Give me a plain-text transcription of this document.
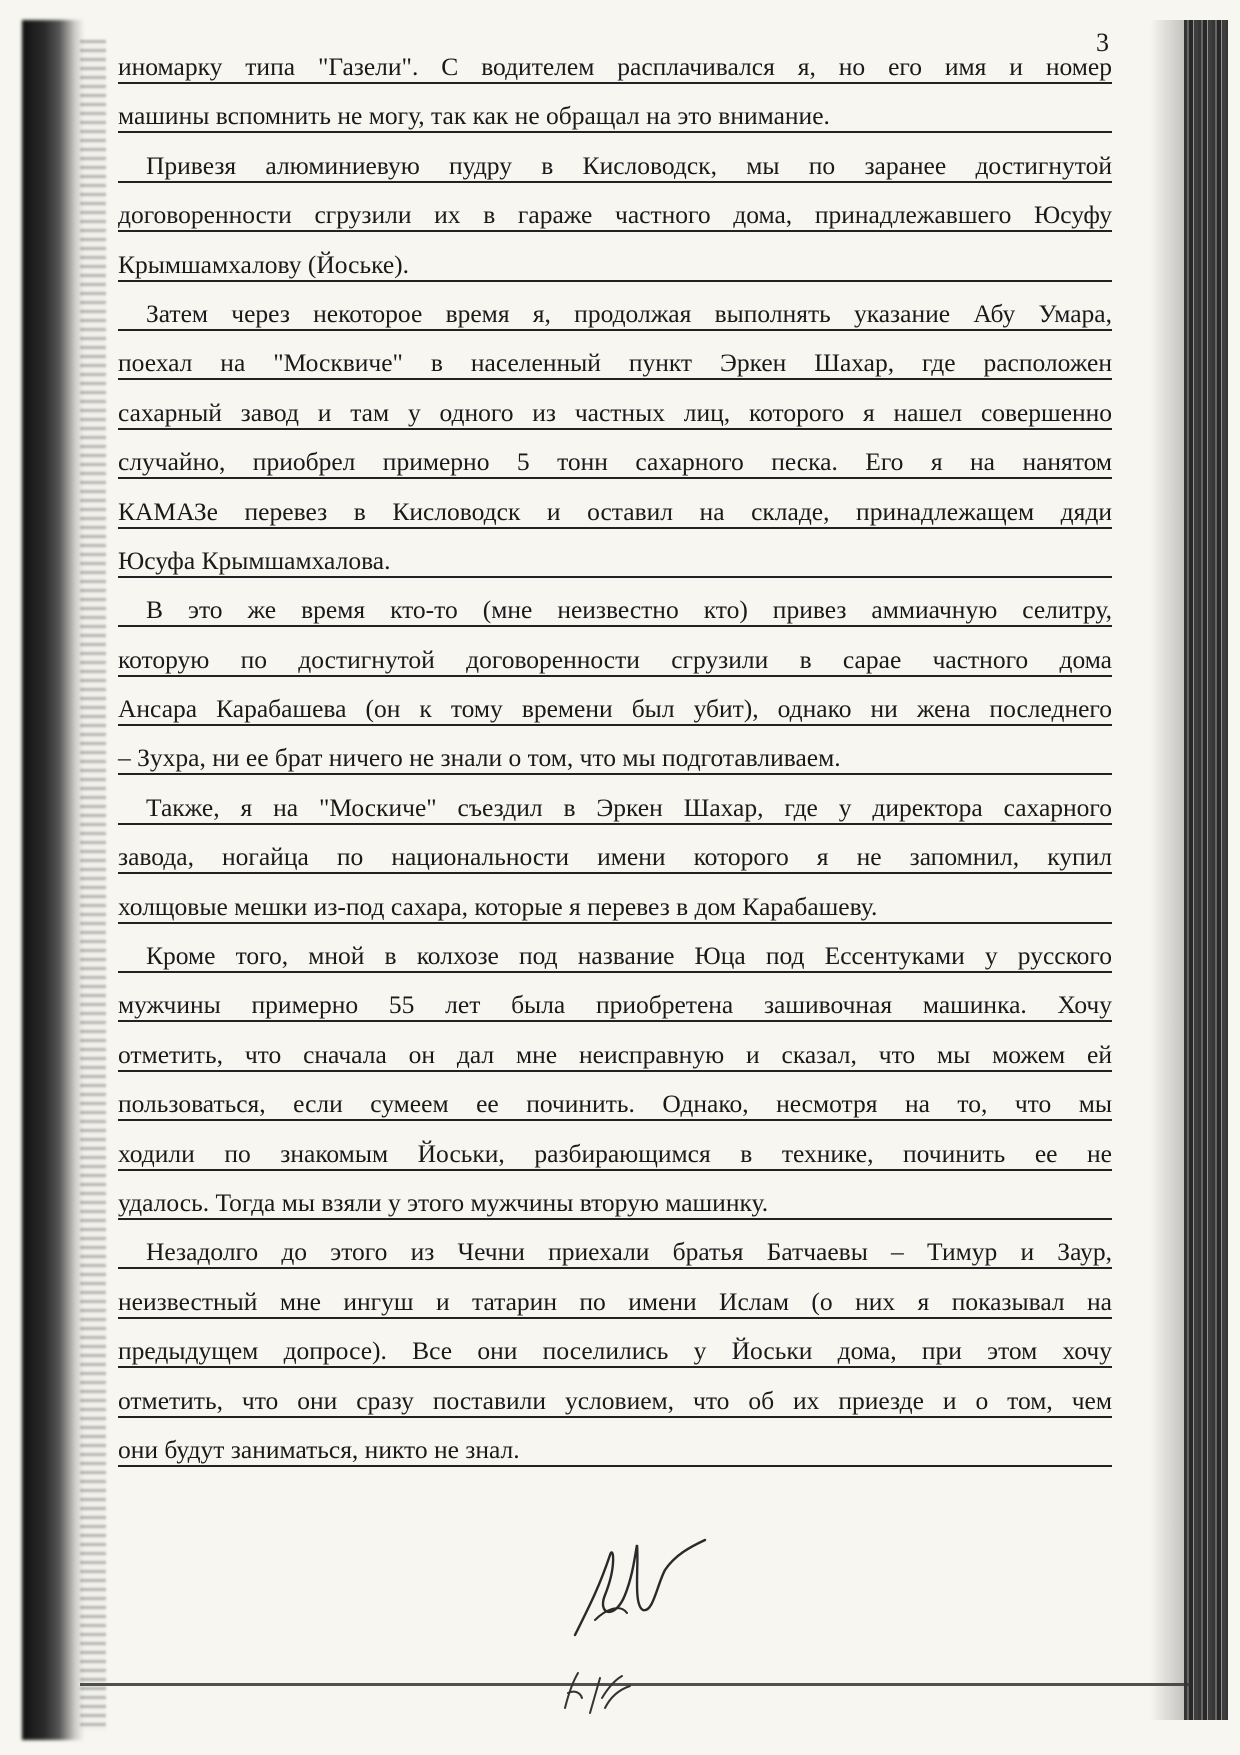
3
иномарку типа "Газели". С водителем расплачивался я, но его имя и номер
машины вспомнить не могу, так как не обращал на это внимание.
Привезя алюминиевую пудру в Кисловодск, мы по заранее достигнутой
договоренности сгрузили их в гараже частного дома, принадлежавшего Юсуфу
Крымшамхалову (Йоське).
Затем через некоторое время я, продолжая выполнять указание Абу Умара,
поехал на "Москвиче" в населенный пункт Эркен Шахар, где расположен
сахарный завод и там у одного из частных лиц, которого я нашел совершенно
случайно, приобрел примерно 5 тонн сахарного песка. Его я на нанятом
КАМАЗе перевез в Кисловодск и оставил на складе, принадлежащем дяди
Юсуфа Крымшамхалова.
В это же время кто-то (мне неизвестно кто) привез аммиачную селитру,
которую по достигнутой договоренности сгрузили в сарае частного дома
Ансара Карабашева (он к тому времени был убит), однако ни жена последнего
– Зухра, ни ее брат ничего не знали о том, что мы подготавливаем.
Также, я на "Москиче" съездил в Эркен Шахар, где у директора сахарного
завода, ногайца по национальности имени которого я не запомнил, купил
холщовые мешки из-под сахара, которые я перевез в дом Карабашеву.
Кроме того, мной в колхозе под название Юца под Ессентуками у русского
мужчины примерно 55 лет была приобретена зашивочная машинка. Хочу
отметить, что сначала он дал мне неисправную и сказал, что мы можем ей
пользоваться, если сумеем ее починить. Однако, несмотря на то, что мы
ходили по знакомым Йоськи, разбирающимся в технике, починить ее не
удалось. Тогда мы взяли у этого мужчины вторую машинку.
Незадолго до этого из Чечни приехали братья Батчаевы – Тимур и Заур,
неизвестный мне ингуш и татарин по имени Ислам (о них я показывал на
предыдущем допросе). Все они поселились у Йоськи дома, при этом хочу
отметить, что они сразу поставили условием, что об их приезде и о том, чем
они будут заниматься, никто не знал.
